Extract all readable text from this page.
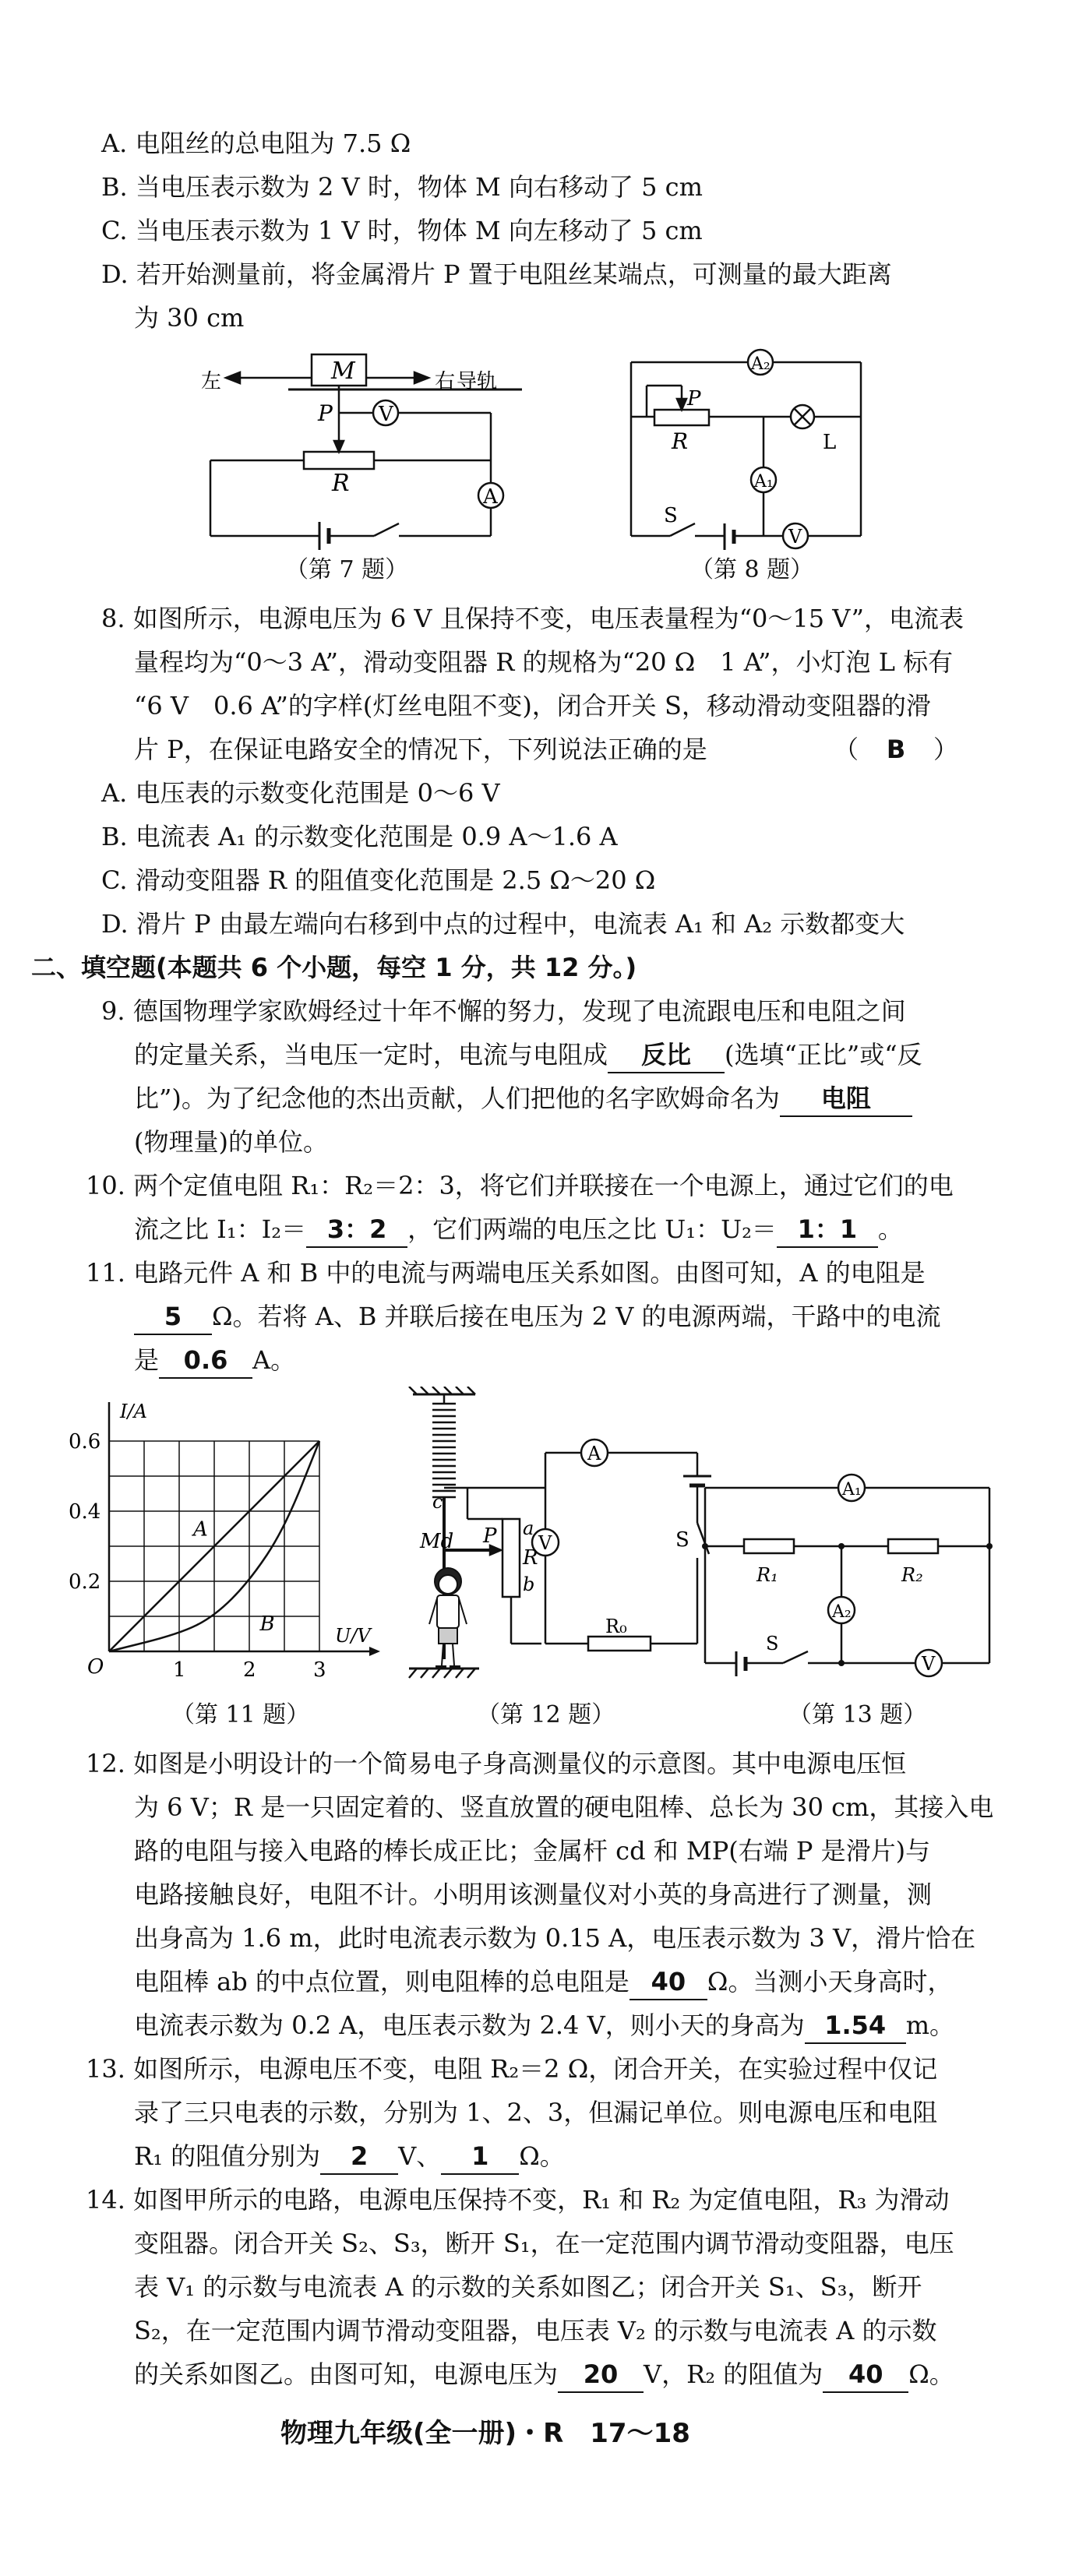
A. 电阻丝的总电阻为 7.5 Ω
B. 当电压表示数为 2 V 时，物体 M 向右移动了 5 cm
C. 当电压表示数为 1 V 时，物体 M 向左移动了 5 cm
D. 若开始测量前，将金属滑片 P 置于电阻丝某端点，可测量的最大距离
为 30 cm
左	右 导轨
M
P V
R	A
（第 7 题）
A₂
P
R	L
A₁
S
V
（第 8 题）
8. 如图所示，电源电压为 6 V 且保持不变，电压表量程为“0～15 V”，电流表
量程均为“0～3 A”，滑动变阻器 R 的规格为“20 Ω　1 A”，小灯泡 L 标有
“6 V　0.6 A”的字样(灯丝电阻不变)，闭合开关 S，移动滑动变阻器的滑
片 P，在保证电路安全的情况下，下列说法正确的是	（ B ）
A. 电压表的示数变化范围是 0～6 V
B. 电流表 A₁ 的示数变化范围是 0.9 A～1.6 A
C. 滑动变阻器 R 的阻值变化范围是 2.5 Ω～20 Ω
D. 滑片 P 由最左端向右移到中点的过程中，电流表 A₁ 和 A₂ 示数都变大
二、填空题(本题共 6 个小题，每空 1 分，共 12 分。)
9. 德国物理学家欧姆经过十年不懈的努力，发现了电流跟电压和电阻之间
的定量关系，当电压一定时，电流与电阻成 反比 (选填“正比”或“反
比”)。为了纪念他的杰出贡献，人们把他的名字欧姆命名为 电阻
(物理量)的单位。
10. 两个定值电阻 R₁：R₂＝2：3，将它们并联接在一个电源上，通过它们的电
流之比 I₁：I₂＝ 3：2 ，它们两端的电压之比 U₁：U₂＝ 1：1 。
11. 电路元件 A 和 B 中的电流与两端电压关系如图。由图可知，A 的电阻是
5 Ω。若将 A、B 并联后接在电压为 2 V 的电源两端，干路中的电流
是 0.6 A。
U/V
I/A
O
A
B
1	2	3
0.2
0.4
0.6
（第 11 题）
Md
c
P a
R
b
V
A
S
R₀
（第 12 题）
A₁
R₁	R₂
A₂
S
V
（第 13 题）
12. 如图是小明设计的一个简易电子身高测量仪的示意图。其中电源电压恒
为 6 V；R 是一只固定着的、竖直放置的硬电阻棒、总长为 30 cm，其接入电
路的电阻与接入电路的棒长成正比；金属杆 cd 和 MP(右端 P 是滑片)与
电路接触良好，电阻不计。小明用该测量仪对小英的身高进行了测量，测
出身高为 1.6 m，此时电流表示数为 0.15 A，电压表示数为 3 V，滑片恰在
电阻棒 ab 的中点位置，则电阻棒的总电阻是 40 Ω。当测小天身高时，
电流表示数为 0.2 A，电压表示数为 2.4 V，则小天的身高为 1.54 m。
13. 如图所示，电源电压不变，电阻 R₂＝2 Ω，闭合开关，在实验过程中仅记
录了三只电表的示数，分别为 1、2、3，但漏记单位。则电源电压和电阻
R₁ 的阻值分别为 2 V、 1 Ω。
14. 如图甲所示的电路，电源电压保持不变，R₁ 和 R₂ 为定值电阻，R₃ 为滑动
变阻器。闭合开关 S₂、S₃，断开 S₁，在一定范围内调节滑动变阻器，电压
表 V₁ 的示数与电流表 A 的示数的关系如图乙；闭合开关 S₁、S₃，断开
S₂，在一定范围内调节滑动变阻器，电压表 V₂ 的示数与电流表 A 的示数
的关系如图乙。由图可知，电源电压为 20 V，R₂ 的阻值为 40 Ω。
物理九年级(全一册)・R　17～18
